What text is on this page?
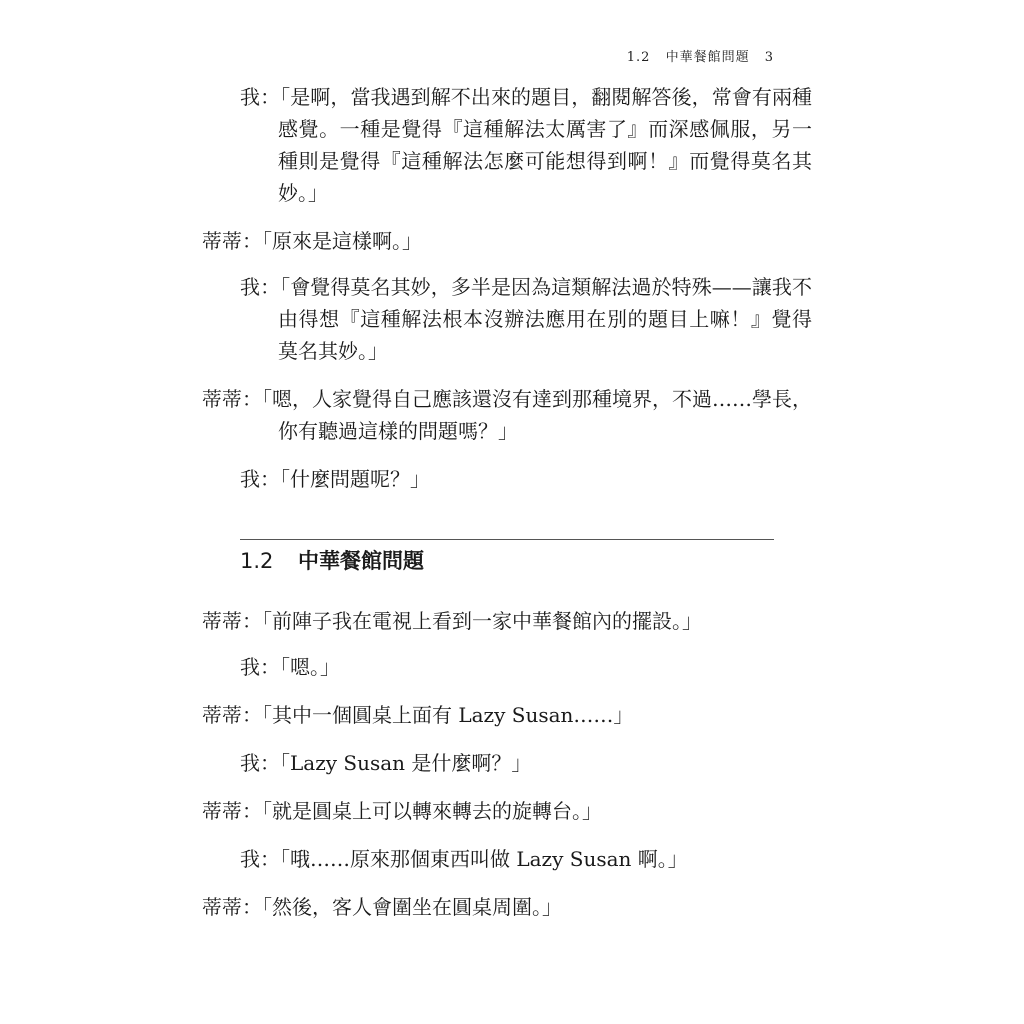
1.2 中華餐館問題 3
我：「是啊，當我遇到解不出來的題目，翻閱解答後，常會有兩種感覺。一種是覺得『這種解法太厲害了』而深感佩服，另一種則是覺得『這種解法怎麼可能想得到啊！』而覺得莫名其妙。」
蒂蒂：「原來是這樣啊。」
我：「會覺得莫名其妙，多半是因為這類解法過於特殊——讓我不由得想『這種解法根本沒辦法應用在別的題目上嘛！』覺得莫名其妙。」
蒂蒂：「嗯，人家覺得自己應該還沒有達到那種境界，不過……學長，你有聽過這樣的問題嗎？」
我：「什麼問題呢？」
1.2 中華餐館問題
蒂蒂：「前陣子我在電視上看到一家中華餐館內的擺設。」
我：「嗯。」
蒂蒂：「其中一個圓桌上面有 Lazy Susan……」
我：「Lazy Susan 是什麼啊？」
蒂蒂：「就是圓桌上可以轉來轉去的旋轉台。」
我：「哦……原來那個東西叫做 Lazy Susan 啊。」
蒂蒂：「然後，客人會圍坐在圓桌周圍。」
